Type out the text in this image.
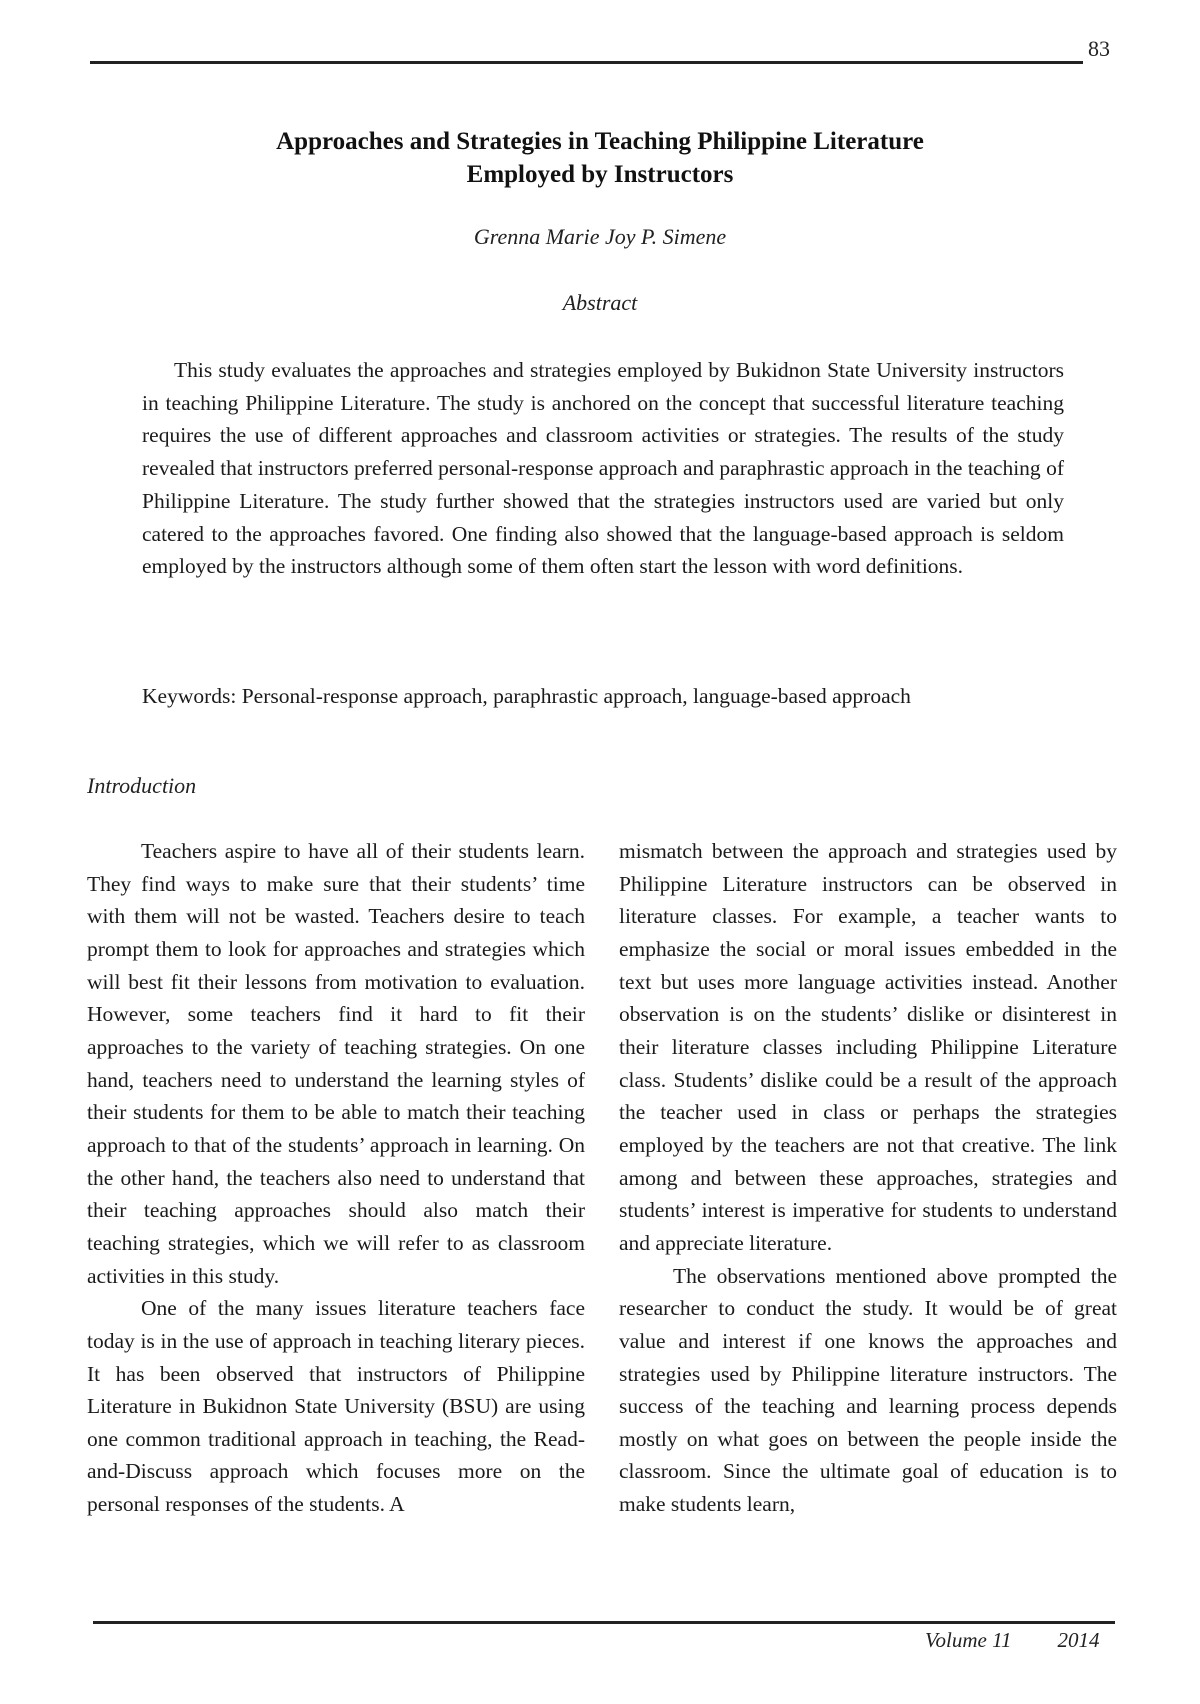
83
Approaches and Strategies in Teaching Philippine Literature
Employed by Instructors
Grenna Marie Joy P. Simene
Abstract

This study evaluates the approaches and strategies employed by Bukidnon State University instructors in teaching Philippine Literature. The study is anchored on the concept that successful literature teaching requires the use of different approaches and classroom activities or strategies. The results of the study revealed that instructors preferred personal-response approach and paraphrastic approach in the teaching of Philippine Literature. The study further showed that the strategies instructors used are varied but only catered to the approaches favored. One finding also showed that the language-based approach is seldom employed by the instructors although some of them often start the lesson with word definitions.

Keywords: Personal-response approach, paraphrastic approach, language-based approach

Introduction

Teachers aspire to have all of their students learn. They find ways to make sure that their students’ time with them will not be wasted. Teachers desire to teach prompt them to look for approaches and strategies which will best fit their lessons from motivation to evaluation. However, some teachers find it hard to fit their approaches to the variety of teaching strategies. On one hand, teachers need to understand the learning styles of their students for them to be able to match their teaching approach to that of the students’ approach in learning. On the other hand, the teachers also need to understand that their teaching approaches should also match their teaching strategies, which we will refer to as classroom activities in this study.

One of the many issues literature teachers face today is in the use of approach in teaching literary pieces. It has been observed that instructors of Philippine Literature in Bukidnon State University (BSU) are using one common traditional approach in teaching, the Read-and-Discuss approach which focuses more on the personal responses of the students. A

mismatch between the approach and strategies used by Philippine Literature instructors can be observed in literature classes. For example, a teacher wants to emphasize the social or moral issues embedded in the text but uses more language activities instead. Another observation is on the students’ dislike or disinterest in their literature classes including Philippine Literature class. Students’ dislike could be a result of the approach the teacher used in class or perhaps the strategies employed by the teachers are not that creative. The link among and between these approaches, strategies and students’ interest is imperative for students to understand and appreciate literature.

The observations mentioned above prompted the researcher to conduct the study. It would be of great value and interest if one knows the approaches and strategies used by Philippine literature instructors. The success of the teaching and learning process depends mostly on what goes on between the people inside the classroom. Since the ultimate goal of education is to make students learn,

Volume 11 2014
